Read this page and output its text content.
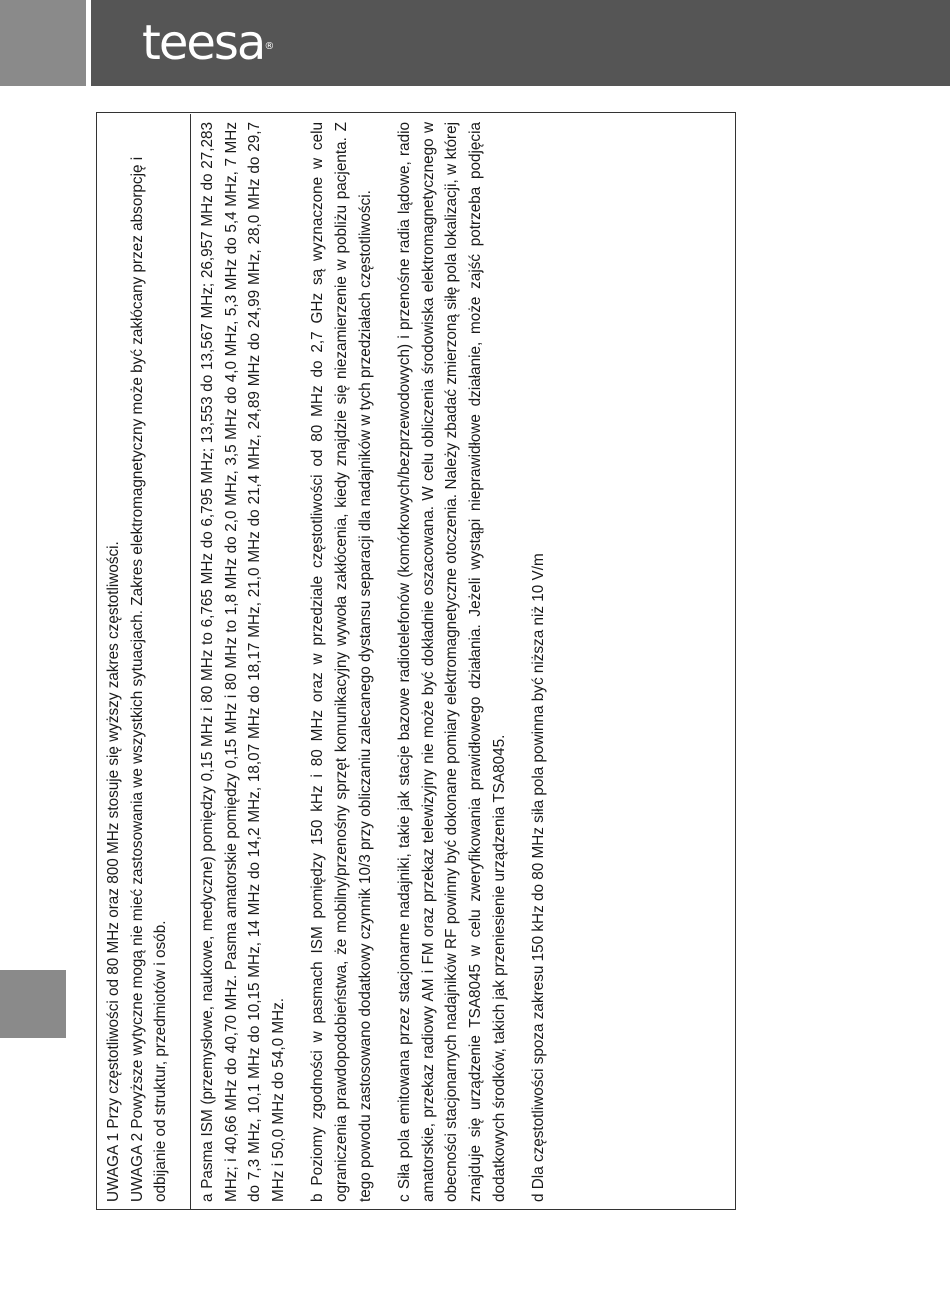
teesa®
UWAGA 1 Przy częstotliwości od 80 MHz oraz 800 MHz stosuje się wyższy zakres częstotliwości. UWAGA 2 Powyższe wytyczne mogą nie mieć zastosowania we wszystkich sytuacjach. Zakres elektromagnetyczny może być zakłócany przez absorpcję i odbijanie od struktur, przedmiotów i osób. a Pasma ISM (przemysłowe, naukowe, medyczne) pomiędzy 0,15 MHz i 80 MHz to 6,765 MHz do 6,795 MHz; 13,553 do 13,567 MHz; 26,957 MHz do 27,283 MHz; i 40,66 MHz do 40,70 MHz. Pasma amatorskie pomiędzy 0,15 MHz i 80 MHz to 1,8 MHz do 2,0 MHz, 3,5 MHz do 4,0 MHz, 5,3 MHz do 5,4 MHz, 7 MHz do 7,3 MHz, 10,1 MHz do 10,15 MHz, 14 MHz do 14,2 MHz, 18,07 MHz do 18,17 MHz, 21,0 MHz do 21,4 MHz, 24,89 MHz do 24,99 MHz, 28,0 MHz do 29,7 MHz i 50,0 MHz do 54,0 MHz. b Poziomy zgodności w pasmach ISM pomiędzy 150 kHz i 80 MHz oraz w przedziale częstotliwości od 80 MHz do 2,7 GHz są wyznaczone w celu ograniczenia prawdopodobieństwa, że mobilny/przenośny sprzęt komunikacyjny wywoła zakłócenia, kiedy znajdzie się niezamierzenie w pobliżu pacjenta. Z tego powodu zastosowano dodatkowy czynnik 10/3 przy obliczaniu zalecanego dystansu separacji dla nadajników w tych przedziałach częstotliwości. c Siła pola emitowana przez stacjonarne nadajniki, takie jak stacje bazowe radiotelefonów (komórkowych/bezprzewodowych) i przenośne radia lądowe, radio amatorskie, przekaz radiowy AM i FM oraz przekaz telewizyjny nie może być dokładnie oszacowana. W celu obliczenia środowiska elektromagnetycznego w obecności stacjonarnych nadajników RF powinny być dokonane pomiary elektromagnetyczne otoczenia. Należy zbadać zmierzoną siłę pola lokalizacji, w której znajduje się urządzenie TSA8045 w celu zweryfikowania prawidłowego działania. Jeżeli wystąpi nieprawidłowe działanie, może zajść potrzeba podjęcia dodatkowych środków, takich jak przeniesienie urządzenia TSA8045. d Dla częstotliwości spoza zakresu 150 kHz do 80 MHz siła pola powinna być niższa niż 10 V/m
